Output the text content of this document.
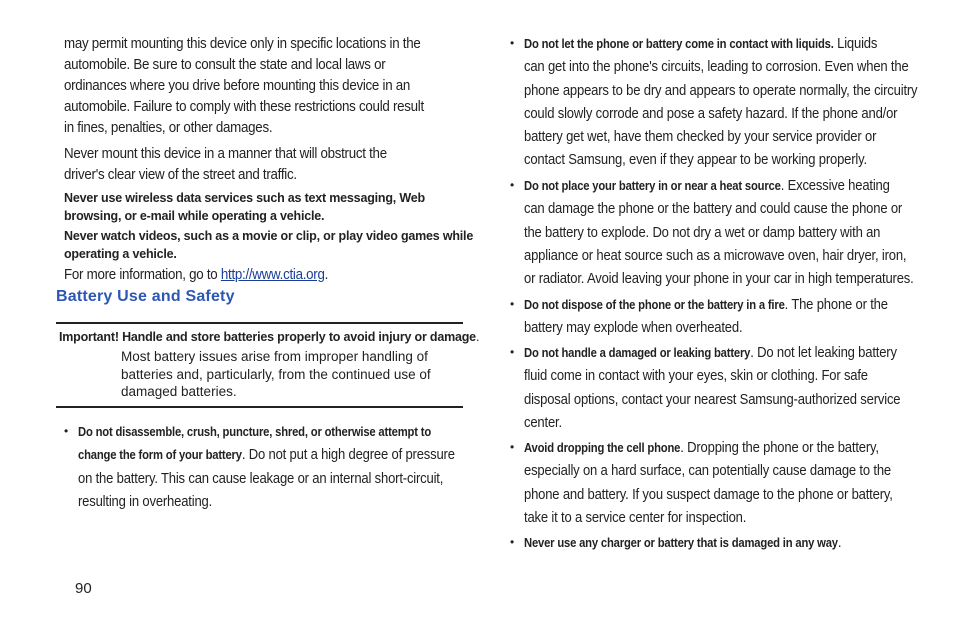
may permit mounting this device only in specific locations in the
automobile. Be sure to consult the state and local laws or
ordinances where you drive before mounting this device in an
automobile. Failure to comply with these restrictions could result
in fines, penalties, or other damages.
Never mount this device in a manner that will obstruct the
driver's clear view of the street and traffic.
Never use wireless data services such as text messaging, Web
browsing, or e-mail while operating a vehicle.
Never watch videos, such as a movie or clip, or play video games while
operating a vehicle.
For more information, go to http://www.ctia.org.
Battery Use and Safety
Important! Handle and store batteries properly to avoid injury or damage.
Most battery issues arise from improper handling of
batteries and, particularly, from the continued use of
damaged batteries.
• Do not disassemble, crush, puncture, shred, or otherwise attempt to
change the form of your battery. Do not put a high degree of pressure
on the battery. This can cause leakage or an internal short-circuit,
resulting in overheating.
• Do not let the phone or battery come in contact with liquids. Liquids
can get into the phone's circuits, leading to corrosion. Even when the
phone appears to be dry and appears to operate normally, the circuitry
could slowly corrode and pose a safety hazard. If the phone and/or
battery get wet, have them checked by your service provider or
contact Samsung, even if they appear to be working properly.
• Do not place your battery in or near a heat source. Excessive heating
can damage the phone or the battery and could cause the phone or
the battery to explode. Do not dry a wet or damp battery with an
appliance or heat source such as a microwave oven, hair dryer, iron,
or radiator. Avoid leaving your phone in your car in high temperatures.
• Do not dispose of the phone or the battery in a fire. The phone or the
battery may explode when overheated.
• Do not handle a damaged or leaking battery. Do not let leaking battery
fluid come in contact with your eyes, skin or clothing. For safe
disposal options, contact your nearest Samsung-authorized service
center.
• Avoid dropping the cell phone. Dropping the phone or the battery,
especially on a hard surface, can potentially cause damage to the
phone and battery. If you suspect damage to the phone or battery,
take it to a service center for inspection.
• Never use any charger or battery that is damaged in any way.
90
